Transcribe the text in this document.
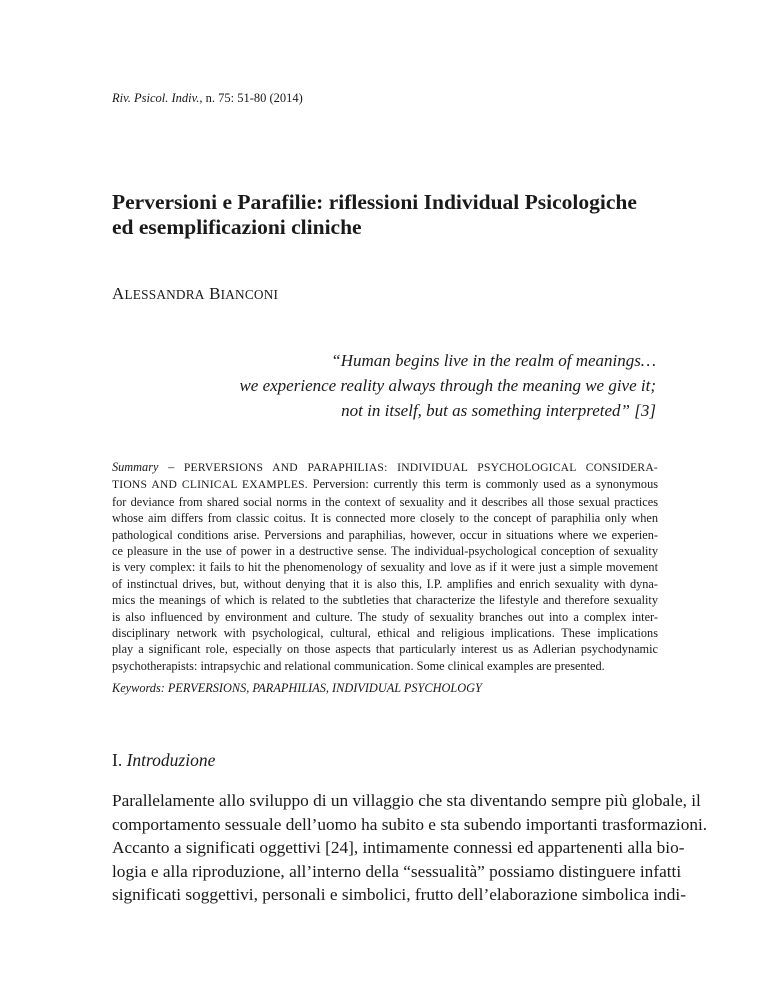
Riv. Psicol. Indiv., n. 75: 51-80 (2014)
Perversioni e Parafilie: riflessioni Individual Psicologiche
ed esemplificazioni cliniche
ALESSANDRA BIANCONI
“Human begins live in the realm of meanings…
we experience reality always through the meaning we give it;
not in itself, but as something interpreted” [3]
Summary – PERVERSIONS AND PARAPHILIAS: INDIVIDUAL PSYCHOLOGICAL CONSIDERA-
TIONS AND CLINICAL EXAMPLES. Perversion: currently this term is commonly used as a synonymous
for deviance from shared social norms in the context of sexuality and it describes all those sexual practices
whose aim differs from classic coitus. It is connected more closely to the concept of paraphilia only when
pathological conditions arise. Perversions and paraphilias, however, occur in situations where we experien-
ce pleasure in the use of power in a destructive sense. The individual-psychological conception of sexuality
is very complex: it fails to hit the phenomenology of sexuality and love as if it were just a simple movement
of instinctual drives, but, without denying that it is also this, I.P. amplifies and enrich sexuality with dyna-
mics the meanings of which is related to the subtleties that characterize the lifestyle and therefore sexuality
is also influenced by environment and culture. The study of sexuality branches out into a complex inter-
disciplinary network with psychological, cultural, ethical and religious implications. These implications
play a significant role, especially on those aspects that particularly interest us as Adlerian psychodynamic
psychotherapists: intrapsychic and relational communication. Some clinical examples are presented.
Keywords: PERVERSIONS, PARAPHILIAS, INDIVIDUAL PSYCHOLOGY
I. Introduzione
Parallelamente allo sviluppo di un villaggio che sta diventando sempre più globale, il
comportamento sessuale dell’uomo ha subito e sta subendo importanti trasformazioni.
Accanto a significati oggettivi [24], intimamente connessi ed appartenenti alla bio-
logia e alla riproduzione, all’interno della “sessualità” possiamo distinguere infatti
significati soggettivi, personali e simbolici, frutto dell’elaborazione simbolica indi-
